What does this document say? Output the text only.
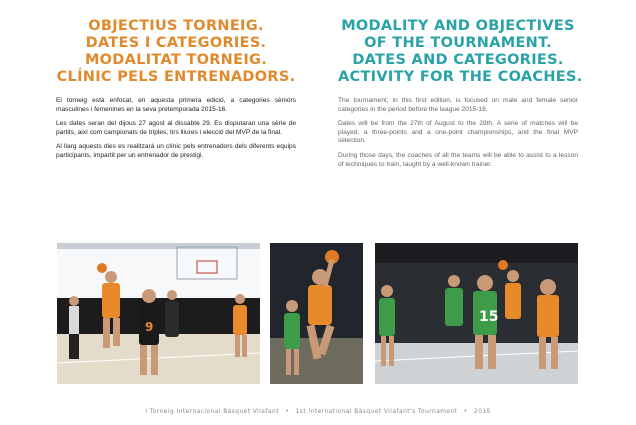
OBJECTIUS TORNEIG.
DATES I CATEGORIES.
MODALITAT TORNEIG.
CLÍNIC PELS ENTRENADORS.

El torneig està enfocat, en aquesta primera edició, a categories sèniors masculines i femenines en la seva pretemporada 2015-16.

Les dates seran del dijous 27 agost al dissabte 29. Es disputaran una sèrie de partits, així com campionats de triples, tirs lliures i elecció del MVP de la final.

Al llarg aquests dies es realitzarà un clínic pels entrenadors dels diferents equips participants, impartit per un entrenador de prestigi.

MODALITY AND OBJECTIVES
OF THE TOURNAMENT.
DATES AND CATEGORIES.
ACTIVITY FOR THE COACHES.

The tournament, in this first edition, is focused on male and female senior categories in the period before the league 2015-16.

Dates will be from the 27th of August to the 29th. A serie of matches will be played, a three-points and a one-point championships, and the final MVP selection.

During those days, the coaches of all the teams will be able to assist to a lesson of techniques to train, taught by a well-known trainer.

9
15
I Torneig Internacional Bàsquet Vilafant • 1st International Bàsquet Vilafant's Tournament • 2015
